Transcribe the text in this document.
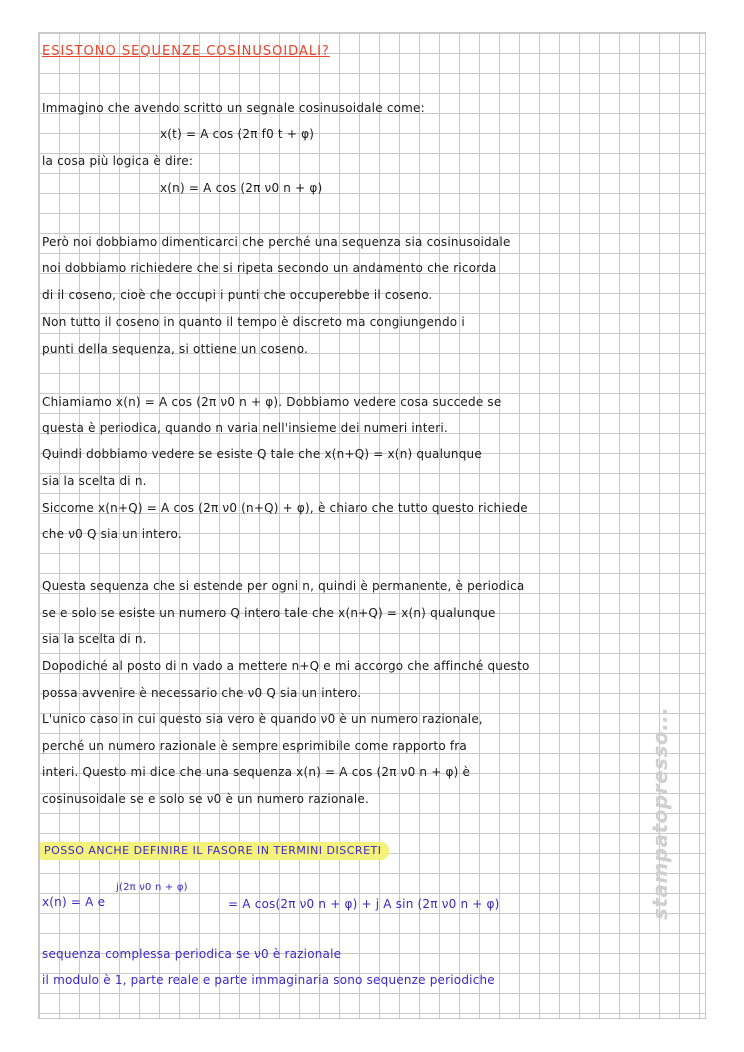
ESISTONO SEQUENZE COSINUSOIDALI?
Immagino che avendo scritto un segnale cosinusoidale come:
x(t) = A cos (2π f0 t + φ)
la cosa più logica è dire:
x(n) = A cos (2π ν0 n + φ)
Però noi dobbiamo dimenticarci che perché una sequenza sia cosinusoidale
noi dobbiamo richiedere che si ripeta secondo un andamento che ricorda
di il coseno, cioè che occupi i punti che occuperebbe il coseno.
Non tutto il coseno in quanto il tempo è discreto ma congiungendo i
punti della sequenza, si ottiene un coseno.
Chiamiamo x(n) = A cos (2π ν0 n + φ). Dobbiamo vedere cosa succede se
questa è periodica, quando n varia nell'insieme dei numeri interi.
Quindi dobbiamo vedere se esiste Q tale che x(n+Q) = x(n) qualunque
sia la scelta di n.
Siccome x(n+Q) = A cos (2π ν0 (n+Q) + φ), è chiaro che tutto questo richiede
che ν0 Q sia un intero.
Questa sequenza che si estende per ogni n, quindi è permanente, è periodica
se e solo se esiste un numero Q intero tale che x(n+Q) = x(n) qualunque
sia la scelta di n.
Dopodiché al posto di n vado a mettere n+Q e mi accorgo che affinché questo
possa avvenire è necessario che ν0 Q sia un intero.
L'unico caso in cui questo sia vero è quando ν0 è un numero razionale,
perché un numero razionale è sempre esprimibile come rapporto fra
interi. Questo mi dice che una sequenza x(n) = A cos (2π ν0 n + φ) è
cosinusoidale se e solo se ν0 è un numero razionale.
POSSO ANCHE DEFINIRE IL FASORE IN TERMINI DISCRETI
x(n) = A e
j(2π ν0 n + φ)
= A cos(2π ν0 n + φ) + j A sin (2π ν0 n + φ)
sequenza complessa periodica se ν0 è razionale
il modulo è 1, parte reale e parte immaginaria sono sequenze periodiche
stampatopresso...
